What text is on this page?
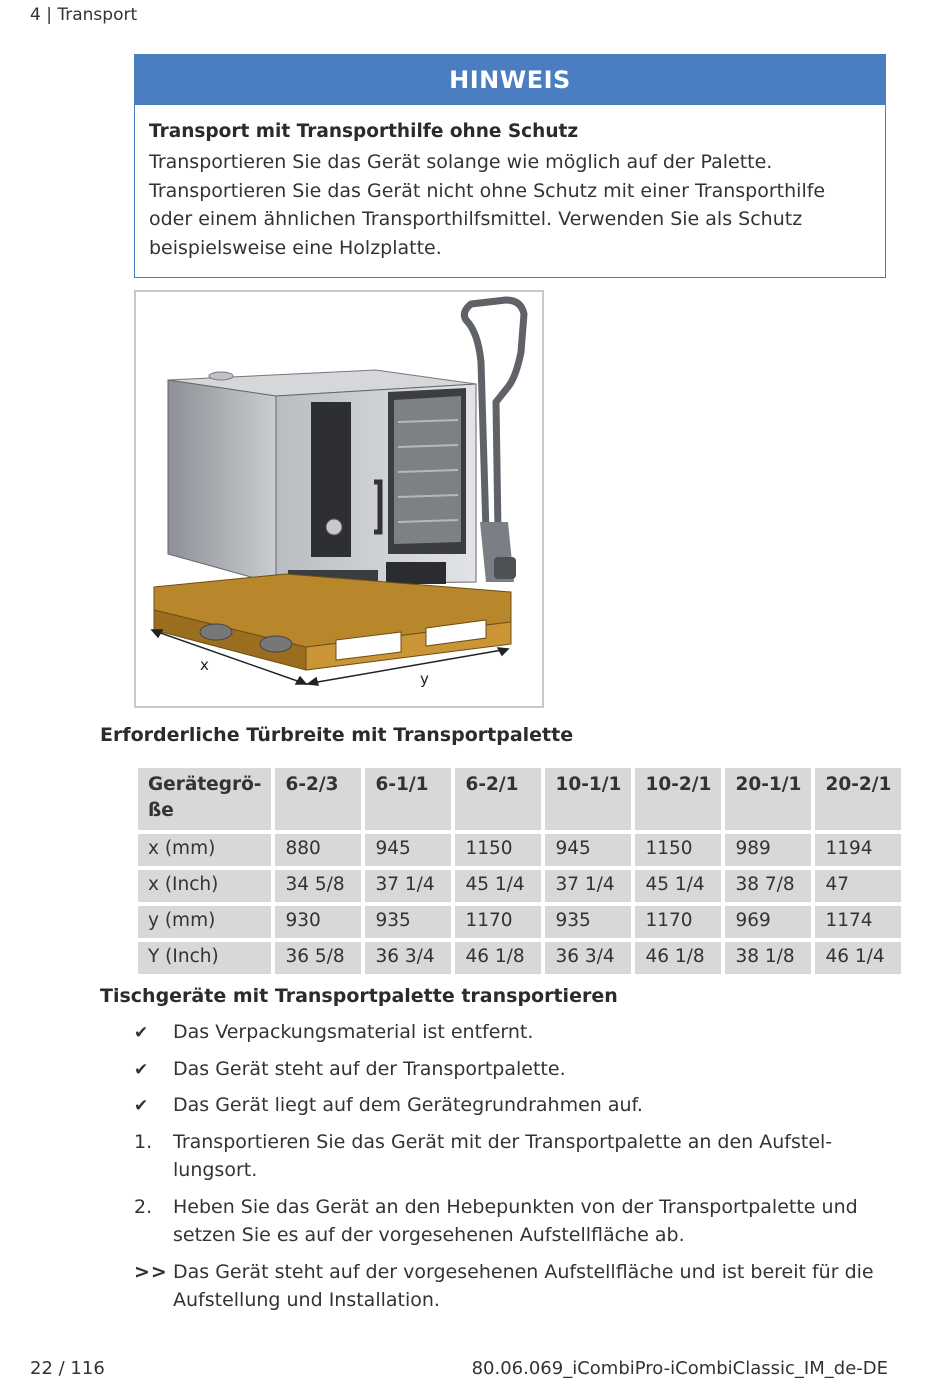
4 | Transport
HINWEIS
Transport mit Transporthilfe ohne Schutz
Transportieren Sie das Gerät solange wie möglich auf der Palette.
Transportieren Sie das Gerät nicht ohne Schutz mit einer Transporthilfe
oder einem ähnlichen Transporthilfsmittel. Verwenden Sie als Schutz
beispielsweise eine Holzplatte.
x
y
Erforderliche Türbreite mit Transportpalette
Gerätegrö-
ße	6-2/3	6-1/1	6-2/1	10-1/1	10-2/1	20-1/1	20-2/1
x (mm)	880	945	1150	945	1150	989	1194
x (Inch)	34 5/8	37 1/4	45 1/4	37 1/4	45 1/4	38 7/8	47
y (mm)	930	935	1170	935	1170	969	1174
Y (Inch)	36 5/8	36 3/4	46 1/8	36 3/4	46 1/8	38 1/8	46 1/4
Tischgeräte mit Transportpalette transportieren
✔	Das Verpackungsmaterial ist entfernt.
✔	Das Gerät steht auf der Transportpalette.
✔	Das Gerät liegt auf dem Gerätegrundrahmen auf.
1.	Transportieren Sie das Gerät mit der Transportpalette an den Aufstel-
lungsort.
2.	Heben Sie das Gerät an den Hebepunkten von der Transportpalette und
setzen Sie es auf der vorgesehenen Aufstellfläche ab.
>> Das Gerät steht auf der vorgesehenen Aufstellfläche und ist bereit für die
Aufstellung und Installation.
22 / 116	80.06.069_iCombiPro-iCombiClassic_IM_de-DE
